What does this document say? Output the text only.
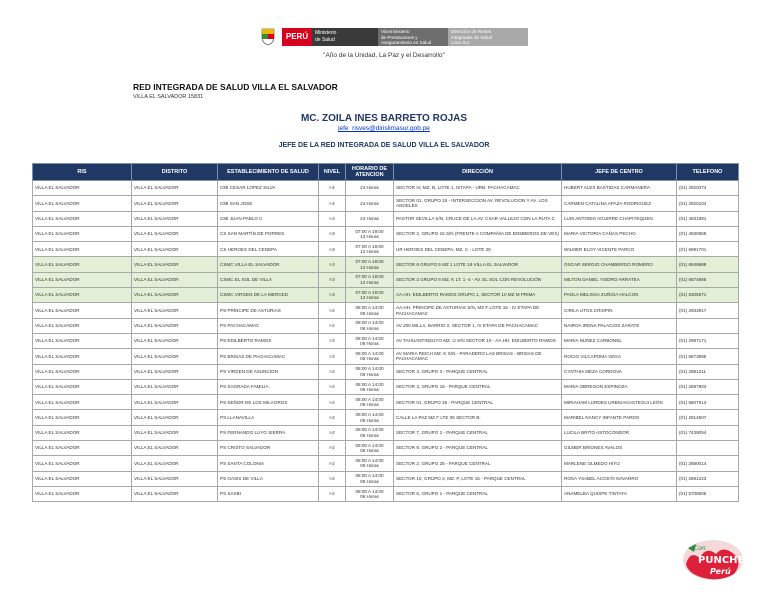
PERÚ	Ministerio
de Salud
Viceministerio
de Prestaciones y
Aseguramiento en Salud
Dirección de Redes
Integradas de Salud
Lima Sur
"Año de la Unidad, La Paz y el Desarrollo"
RED INTEGRADA DE SALUD VILLA EL SALVADOR
VILLA EL SALVADOR 15831
MC. ZOILA INES BARRETO ROJAS
jefe_risves@dirislimasur.gob.pe
JEFE DE LA RED INTEGRADA DE SALUD VILLA EL SALVADOR
RIS	DISTRITO	ESTABLECIMIENTO DE SALUD	NIVEL	HORARIO DE ATENCION	DIRECCIÓN	JEFE DE CENTRO	TELEFONO
VILLA EL SALVADOR	VILLA EL SALVADOR	CMI CESAR LOPEZ SILVA	I-4	24 Horas	SECTOR IV, MZ. B, LOTE 1, ISTAPA - URB. PACHACAMAC	HUBERT ALEX BASTIDAS CARMANERA	(01) 2920374
VILLA EL SALVADOR	VILLA EL SALVADOR	CMI SAN JOSE	I-4	24 Horas	SECTOR 01, GRUPO 15 - INTERSECCION AV. REVOLUCION Y AV. LOS ANGELES	CARMEN CATALINA APAZA RODRIGUEZ	(01) 2920104
VILLA EL SALVADOR	VILLA EL SALVADOR	CMI JUAN PABLO II	I-4	24 Horas	PASTOR SEVILLA S/N. CRUCE DE LA AV. CSAR VALLEJO CON LA RUTA C	LUIS ANTONIO AGUIRRE CHAPIYEQUEN	(01) 4931881
VILLA EL SALVADOR	VILLA EL SALVADOR	CS SAN MARTÍN DE PORRES	I-3	07:00 A 19:00
12 Horas	SECTOR 2, GRUPO 15 S/N (FRENTE A COMPAÑIA DE BOMBEROS DE VES)	MARIA VICTORIA CAÑAS PECHO	(01) 4930655
VILLA EL SALVADOR	VILLA EL SALVADOR	CS HEROES DEL CENEPA	I-3	07:00 A 19:00
12 Horas	UR HEROES DEL CENEPA. MZ. C - LOTE 20	WILMER ELOY VICENTE PARCO	(01) 6991701
VILLA EL SALVADOR	VILLA EL SALVADOR	CSMC VILLA EL SALVADOR	I-3	07:00 A 19:00
12 Horas	SECTOR 6 GRUPO 5 MZ 1 LOTE 19 VILLA EL SALVADOR	OSCAR SERGIO CHAMBERGO ROMERO	(01) 6949688
VILLA EL SALVADOR	VILLA EL SALVADOR	CSMC EL SOL DE VILLA	I-3	07:00 A 19:00
12 Horas	SECTOR 2 GRUPO 6 MZ. K LT. 1 -4 - AV. EL SOL CON REVOLUCIÓN	MILTON DANIEL YSIDRO ARRATEA	(01) 6874885
VILLA EL SALVADOR	VILLA EL SALVADOR	CSMC VIRGEN DE LA MERCED	I-3	07:00 A 19:00
12 Horas	AA.HH. EDILBERTO RAMOS GRUPO 1, SECTOR 10 MZ M PRIMA	PAOLA MELISSA ZUÑIGA HALCON	(01) 5306571
VILLA EL SALVADOR	VILLA EL SALVADOR	PS PRÍNCIPE DE ASTURIAS	I-2	08:00 A 14:00
06 Horas	AA.HH. PRINCIPE DE ASTURIAS S/N, MZ F LOTE 16 - IV ETAPA DE PACHACAMAC	CIRILA UTOS CRISPIN	(01) 2933917
VILLA EL SALVADOR	VILLA EL SALVADOR	PS PACHACAMAC	I-2	08:00 A 14:00
06 Horas	AV 200 MILLA, BARRIO 2, SECTOR 1, IV ETAPA DE PACHACAMAC	NAIROA IRENA PALACIOS ZARATE	
VILLA EL SALVADOR	VILLA EL SALVADOR	PS EDILBERTO RAMOS	I-2	08:00 A 14:00
06 Horas	AV TAHUANTINSUYO MZ. U S/N SECTOR 10 - AA.HH. EDILBERTO RAMOS	MARIA NUÑEZ CARBONEL	(01) 2987171
VILLA EL SALVADOR	VILLA EL SALVADOR	PS BRISAS DE PACHACAMAC	I-2	08:00 A 14:00
06 Horas	AV MARIA REICH MZ. K S/N - PARADERO LAS BRISAS - BRISAS DE PACHACAMAC	ROCIO VILCAPOMA VEGA	(01) 6873995
VILLA EL SALVADOR	VILLA EL SALVADOR	PS VIRGEN DE ASUNCION	I-2	08:00 A 14:00
06 Horas	SECTOR 3, GRUPO 3 - PARQUE CENTRAL	CYNTHIA MEZA CORDOVA	(01) 2881211
VILLA EL SALVADOR	VILLA EL SALVADOR	PS SAGRADA FAMILIA	I-2	08:00 A 14:00
06 Horas	SECTOR 3, GRUPO 18 - PARQUE CENTRAL	MARIA OBREGON ESPINOZA	(01) 2597903
VILLA EL SALVADOR	VILLA EL SALVADOR	PS SEÑOR DE LOS MILAGROS	I-2	08:00 A 14:00
06 Horas	SECTOR 01, GRUPO 25 - PARQUE CENTRAL	MIRIAHAM LURDES URBISAGASTEGUI LEÓN	(01) 5607513
VILLA EL SALVADOR	VILLA EL SALVADOR	PS LLANAVILLA	I-2	08:00 A 14:00
06 Horas	CALLE LA PAZ MZ F LTE 05 SECTOR B.	MARIBEL NANCY INFANTE PARDO	(01) 2914507
VILLA EL SALVADOR	VILLA EL SALVADOR	PS FERNANDO LUYO SIERRA	I-2	08:00 A 14:00
06 Horas	SECTOR 7, GRUPO 1 - PARQUE CENTRAL	LUCILA BRITO ASTOCONDOR	(01) 7439054
VILLA EL SALVADOR	VILLA EL SALVADOR	PS CRISTO SALVADOR	I-2	08:00 A 14:00
06 Horas	SECTOR 9, GRUPO 2 - PARQUE CENTRAL	GILMER BRIONES AVALOS	
VILLA EL SALVADOR	VILLA EL SALVADOR	PS SANTA COLONIA	I-2	08:00 A 14:00
06 Horas	SECTOR 2, GRUPO 26 - PARQUE CENTRAL	MARLENE OLMEDO HIYO	(01) 2880014
VILLA EL SALVADOR	VILLA EL SALVADOR	PS OASIS DE VILLA	I-2	08:00 A 14:00
06 Horas	SECTOR 10, GRUPO 2, MZ. P, LOTE 15 - PARQUE CENTRAL	ROSA YSABEL ACOSTA NAVARRO	(01) 2881223
VILLA EL SALVADOR	VILLA EL SALVADOR	PS SASBI	I-2	08:00 A 14:00
06 Horas	SECTOR 6, GRUPO 1 - PARQUE CENTRAL	ANAMELBA QUISPE TINTAYA	(01) 5708505
Con
PUNCHE
Perú
